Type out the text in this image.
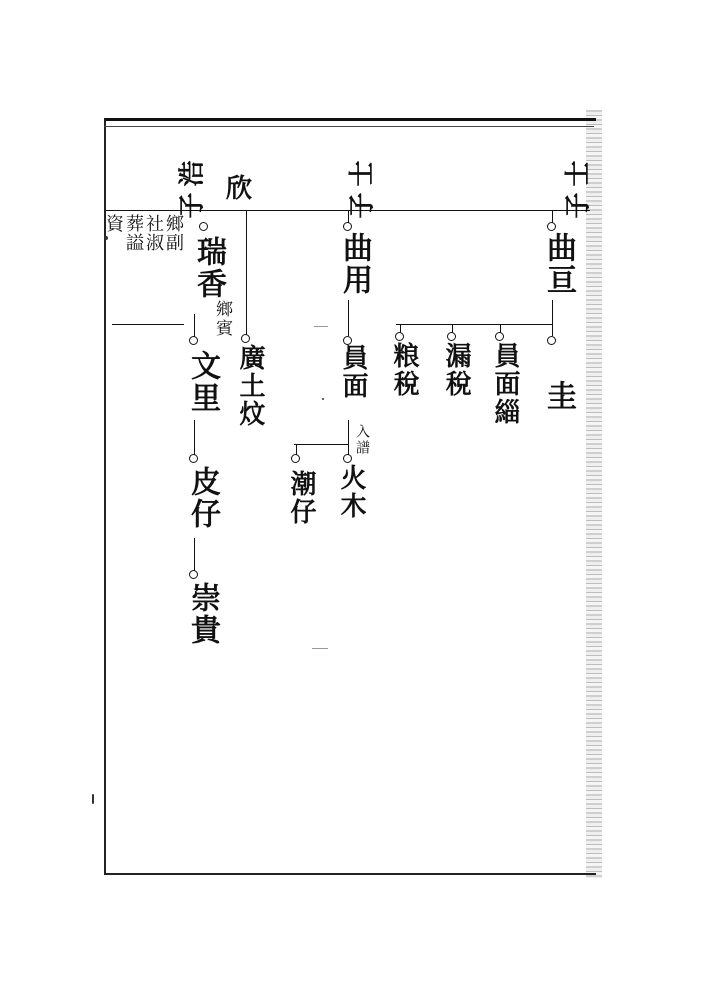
子士
子士
欣
子浩
曲亘
圭
員面緇
漏稅
粮稅
曲用
員面
入譜
火木
潮仔
廣土炆
瑞香
鄉賓
文里
皮仔
崇貴
鄉副
社淑
葬謚
資
